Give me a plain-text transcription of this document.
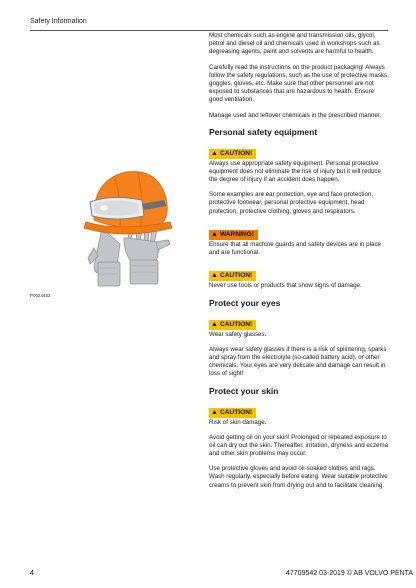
Safety Information
P0024482

Most chemicals such as engine and transmission oils, glycol, petrol and diesel oil and chemicals used in workshops such as degreasing agents, paint and solvents are harmful to health.

Carefully read the instructions on the product packaging! Always follow the safety regulations, such as the use of protective masks, goggles, gloves, etc. Make sure that other personnel are not exposed to substances that are hazardous to health. Ensure good ventilation.

Manage used and leftover chemicals in the prescribed manner.

Personal safety equipment
▲ CAUTION!

Always use appropriate safety equipment. Personal protective equipment does not eliminate the risk of injury but it will reduce the degree of injury if an accident does happen.

Some examples are ear protection, eye and face protection, protective footwear, personal protective equipment, head protection, protective clothing, gloves and respirators.

▲ WARNING!

Ensure that all machine guards and safety devices are in place and are functional.

▲ CAUTION!

Never use tools or products that show signs of damage.

Protect your eyes
▲ CAUTION!

Wear safety glasses.

Always wear safety glasses if there is a risk of splintering, sparks and spray from the electrolyte (so-called battery acid), or other chemicals. Your eyes are very delicate and damage can result in loss of sight!

Protect your skin
▲ CAUTION!

Risk of skin damage.

Avoid getting oil on your skin! Prolonged or repeated exposure to oil can dry out the skin. Thereafter, irritation, dryness and eczema and other skin problems may occur.

Use protective gloves and avoid oil-soaked clothes and rags. Wash regularly, especially before eating. Wear suitable protective creams to prevent skin from drying out and to facilitate cleaning.

4	47709542 03-2019 © AB VOLVO PENTA
